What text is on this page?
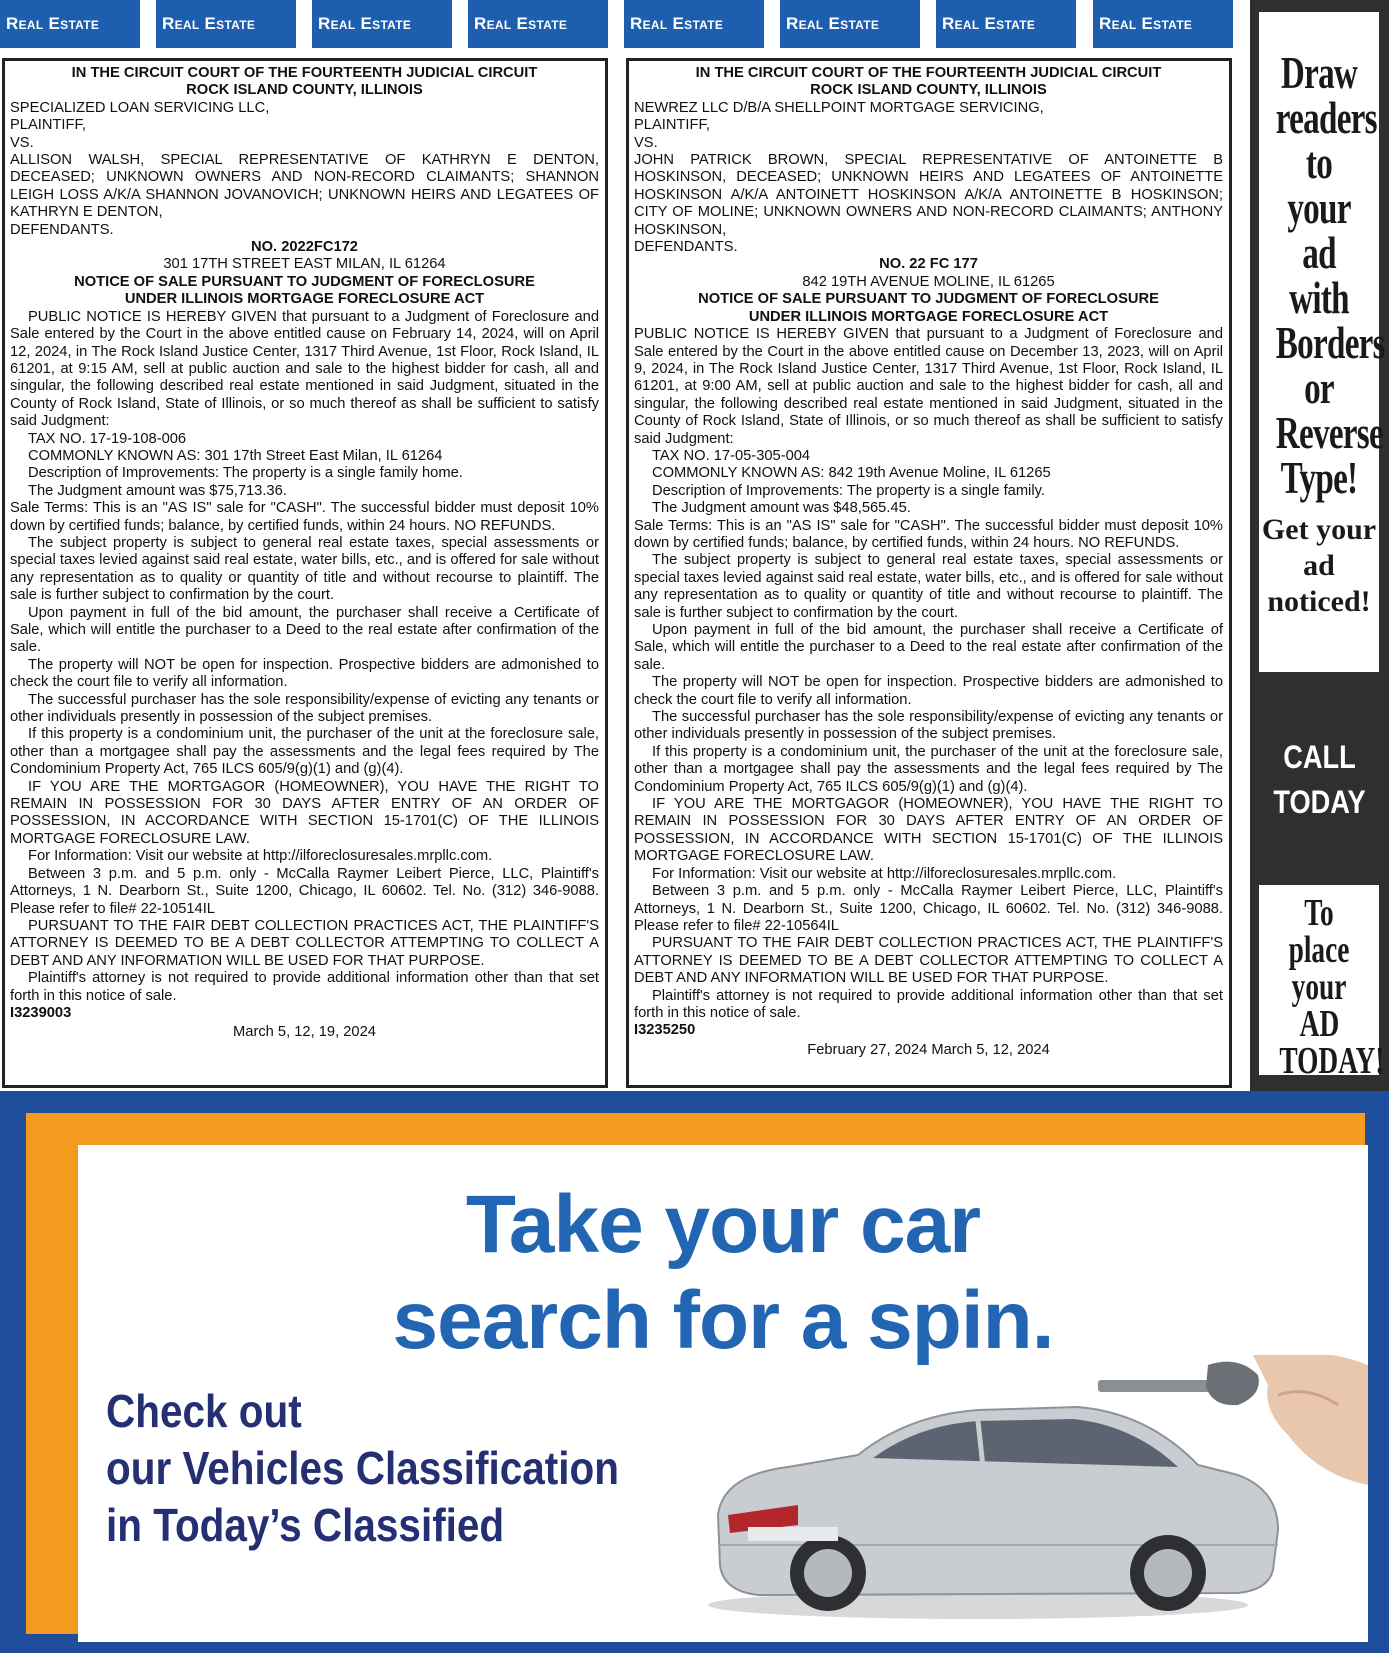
Real Estate	Real Estate	Real Estate	Real Estate	Real Estate	Real Estate	Real Estate	Real Estate
IN THE CIRCUIT COURT OF THE FOURTEENTH JUDICIAL CIRCUIT
ROCK ISLAND COUNTY, ILLINOIS

SPECIALIZED LOAN SERVICING LLC,

PLAINTIFF,

VS.

ALLISON WALSH, SPECIAL REPRESENTATIVE OF KATHRYN E DENTON, DECEASED; UNKNOWN OWNERS AND NON-RECORD CLAIMANTS; SHANNON LEIGH LOSS A/K/A SHANNON JOVANOVICH; UNKNOWN HEIRS AND LEGATEES OF KATHRYN E DENTON,

DEFENDANTS.

NO. 2022FC172
301 17TH STREET EAST MILAN, IL 61264
NOTICE OF SALE PURSUANT TO JUDGMENT OF FORECLOSURE
UNDER ILLINOIS MORTGAGE FORECLOSURE ACT

PUBLIC NOTICE IS HEREBY GIVEN that pursuant to a Judgment of Foreclosure and Sale entered by the Court in the above entitled cause on February 14, 2024, will on April 12, 2024, in The Rock Island Justice Center, 1317 Third Avenue, 1st Floor, Rock Island, IL 61201, at 9:15 AM, sell at public auction and sale to the highest bidder for cash, all and singular, the following described real estate mentioned in said Judgment, situated in the County of Rock Island, State of Illinois, or so much thereof as shall be sufficient to satisfy said Judgment:

TAX NO. 17-19-108-006

COMMONLY KNOWN AS: 301 17th Street East Milan, IL 61264

Description of Improvements: The property is a single family home.

The Judgment amount was $75,713.36.

Sale Terms: This is an "AS IS" sale for "CASH". The successful bidder must deposit 10% down by certified funds; balance, by certified funds, within 24 hours. NO REFUNDS.

The subject property is subject to general real estate taxes, special assessments or special taxes levied against said real estate, water bills, etc., and is offered for sale without any representation as to quality or quantity of title and without recourse to plaintiff. The sale is further subject to confirmation by the court.

Upon payment in full of the bid amount, the purchaser shall receive a Certificate of Sale, which will entitle the purchaser to a Deed to the real estate after confirmation of the sale.

The property will NOT be open for inspection. Prospective bidders are admonished to check the court file to verify all information.

The successful purchaser has the sole responsibility/expense of evicting any tenants or other individuals presently in possession of the subject premises.

If this property is a condominium unit, the purchaser of the unit at the foreclosure sale, other than a mortgagee shall pay the assessments and the legal fees required by The Condominium Property Act, 765 ILCS 605/9(g)(1) and (g)(4).

IF YOU ARE THE MORTGAGOR (HOMEOWNER), YOU HAVE THE RIGHT TO REMAIN IN POSSESSION FOR 30 DAYS AFTER ENTRY OF AN ORDER OF POSSESSION, IN ACCORDANCE WITH SECTION 15-1701(C) OF THE ILLINOIS MORTGAGE FORECLOSURE LAW.

For Information: Visit our website at http://ilforeclosuresales.mrpllc.com.

Between 3 p.m. and 5 p.m. only - McCalla Raymer Leibert Pierce, LLC, Plaintiff's Attorneys, 1 N. Dearborn St., Suite 1200, Chicago, IL 60602. Tel. No. (312) 346-9088. Please refer to file# 22-10514IL

PURSUANT TO THE FAIR DEBT COLLECTION PRACTICES ACT, THE PLAINTIFF'S ATTORNEY IS DEEMED TO BE A DEBT COLLECTOR ATTEMPTING TO COLLECT A DEBT AND ANY INFORMATION WILL BE USED FOR THAT PURPOSE.

Plaintiff's attorney is not required to provide additional information other than that set forth in this notice of sale.

I3239003

March 5, 12, 19, 2024
IN THE CIRCUIT COURT OF THE FOURTEENTH JUDICIAL CIRCUIT
ROCK ISLAND COUNTY, ILLINOIS

NEWREZ LLC D/B/A SHELLPOINT MORTGAGE SERVICING,

PLAINTIFF,

VS.

JOHN PATRICK BROWN, SPECIAL REPRESENTATIVE OF ANTOINETTE B HOSKINSON, DECEASED; UNKNOWN HEIRS AND LEGATEES OF ANTOINETTE HOSKINSON A/K/A ANTOINETT HOSKINSON A/K/A ANTOINETTE B HOSKINSON; CITY OF MOLINE; UNKNOWN OWNERS AND NON-RECORD CLAIMANTS; ANTHONY HOSKINSON,

DEFENDANTS.

NO. 22 FC 177
842 19TH AVENUE MOLINE, IL 61265
NOTICE OF SALE PURSUANT TO JUDGMENT OF FORECLOSURE
UNDER ILLINOIS MORTGAGE FORECLOSURE ACT

PUBLIC NOTICE IS HEREBY GIVEN that pursuant to a Judgment of Foreclosure and Sale entered by the Court in the above entitled cause on December 13, 2023, will on April 9, 2024, in The Rock Island Justice Center, 1317 Third Avenue, 1st Floor, Rock Island, IL 61201, at 9:00 AM, sell at public auction and sale to the highest bidder for cash, all and singular, the following described real estate mentioned in said Judgment, situated in the County of Rock Island, State of Illinois, or so much thereof as shall be sufficient to satisfy said Judgment:

TAX NO. 17-05-305-004

COMMONLY KNOWN AS: 842 19th Avenue Moline, IL 61265

Description of Improvements: The property is a single family.

The Judgment amount was $48,565.45.

Sale Terms: This is an "AS IS" sale for "CASH". The successful bidder must deposit 10% down by certified funds; balance, by certified funds, within 24 hours. NO REFUNDS.

The subject property is subject to general real estate taxes, special assessments or special taxes levied against said real estate, water bills, etc., and is offered for sale without any representation as to quality or quantity of title and without recourse to plaintiff. The sale is further subject to confirmation by the court.

Upon payment in full of the bid amount, the purchaser shall receive a Certificate of Sale, which will entitle the purchaser to a Deed to the real estate after confirmation of the sale.

The property will NOT be open for inspection. Prospective bidders are admonished to check the court file to verify all information.

The successful purchaser has the sole responsibility/expense of evicting any tenants or other individuals presently in possession of the subject premises.

If this property is a condominium unit, the purchaser of the unit at the foreclosure sale, other than a mortgagee shall pay the assessments and the legal fees required by The Condominium Property Act, 765 ILCS 605/9(g)(1) and (g)(4).

IF YOU ARE THE MORTGAGOR (HOMEOWNER), YOU HAVE THE RIGHT TO REMAIN IN POSSESSION FOR 30 DAYS AFTER ENTRY OF AN ORDER OF POSSESSION, IN ACCORDANCE WITH SECTION 15-1701(C) OF THE ILLINOIS MORTGAGE FORECLOSURE LAW.

For Information: Visit our website at http://ilforeclosuresales.mrpllc.com.

Between 3 p.m. and 5 p.m. only - McCalla Raymer Leibert Pierce, LLC, Plaintiff's Attorneys, 1 N. Dearborn St., Suite 1200, Chicago, IL 60602. Tel. No. (312) 346-9088. Please refer to file# 22-10564IL

PURSUANT TO THE FAIR DEBT COLLECTION PRACTICES ACT, THE PLAINTIFF'S ATTORNEY IS DEEMED TO BE A DEBT COLLECTOR ATTEMPTING TO COLLECT A DEBT AND ANY INFORMATION WILL BE USED FOR THAT PURPOSE.

Plaintiff's attorney is not required to provide additional information other than that set forth in this notice of sale.

I3235250

February 27, 2024 March 5, 12, 2024
Draw
readers
to
your
ad
with
Borders
or
Reverse
Type!
Get your
ad
noticed!
CALL
TODAY
To place
your
AD
TODAY!
Take your car
search for a spin.
Check out
our Vehicles Classification
in Today’s Classified
